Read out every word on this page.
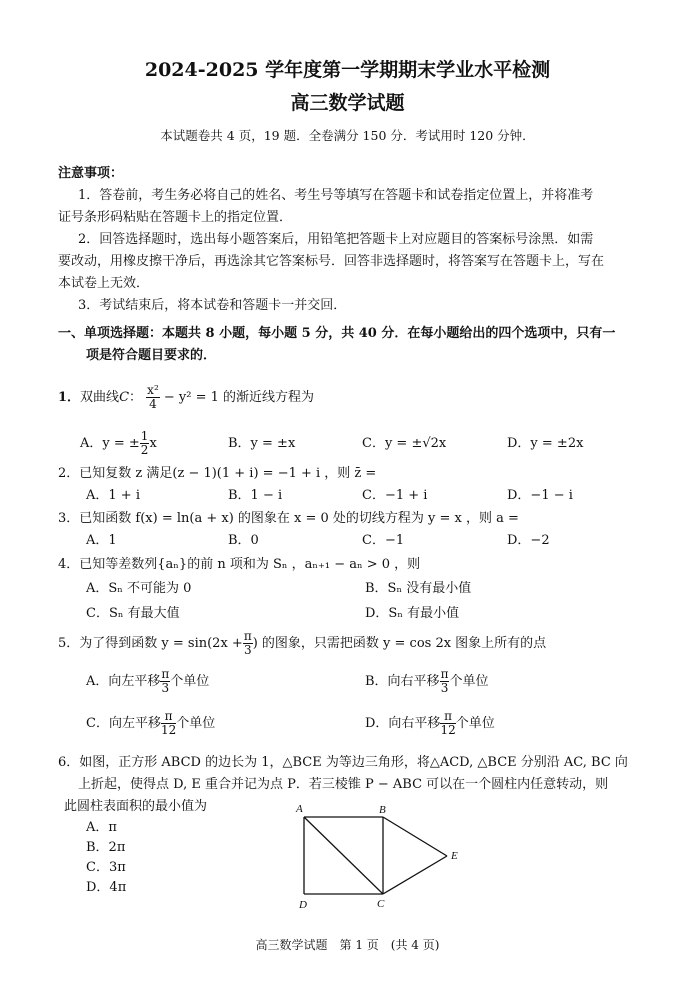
2024-2025 学年度第一学期期末学业水平检测
高三数学试题
本试题卷共 4 页，19 题．全卷满分 150 分．考试用时 120 分钟．
注意事项：
1．答卷前，考生务必将自己的姓名、考生号等填写在答题卡和试卷指定位置上，并将准考
证号条形码粘贴在答题卡上的指定位置．
2．回答选择题时，选出每小题答案后，用铅笔把答题卡上对应题目的答案标号涂黑．如需
要改动，用橡皮擦干净后，再选涂其它答案标号．回答非选择题时，将答案写在答题卡上，写在
本试卷上无效．
3．考试结束后，将本试卷和答题卡一并交回．
一、单项选择题：本题共 8 小题，每小题 5 分，共 40 分．在每小题给出的四个选项中，只有一
项是符合题目要求的．
1．双曲线C： $\frac{\text{x²}}{4} - y^2 = 1$ 的渐近线方程为
A．y = ± $\frac{1}{2}$ x	B．y = ±x	C．y = ±√2x	D．y = ±2x
2．已知复数 z 满足(z − 1)(1 + i) = −1 + i ，则 z̄ =
A．1 + i	B．1 − i	C．−1 + i	D．−1 − i
3．已知函数 f(x) = ln(a + x) 的图象在 x = 0 处的切线方程为 y = x ，则 a =
A．1	B．0	C．−1	D．−2
4．已知等差数列{aₙ}的前 n 项和为 Sₙ ，aₙ₊₁ − aₙ > 0 ，则
A．Sₙ 不可能为 0	B．Sₙ 没有最小值
C．Sₙ 有最大值	D．Sₙ 有最小值
5．为了得到函数 $y = \sin(2x + \frac{\pi}{3}$ ) 的图象，只需把函数 y = cos 2x 图象上所有的点
A．向左平移 $\frac{\pi}{3}$ 个单位	B．向右平移 $\frac{\pi}{3}$ 个单位
C．向左平移 $\frac{\pi}{12}$ 个单位	D．向右平移 $\frac{\pi}{12}$ 个单位
6．如图，正方形 ABCD 的边长为 1，△BCE 为等边三角形，将△ACD, △BCE 分别沿 AC, BC 向
上折起，使得点 D, E 重合并记为点 P．若三棱锥 P − ABC 可以在一个圆柱内任意转动，则
此圆柱表面积的最小值为
A．π
B．2π
C．3π
D．4π
A	B
E
D	C
高三数学试题　第 1 页　(共 4 页)
